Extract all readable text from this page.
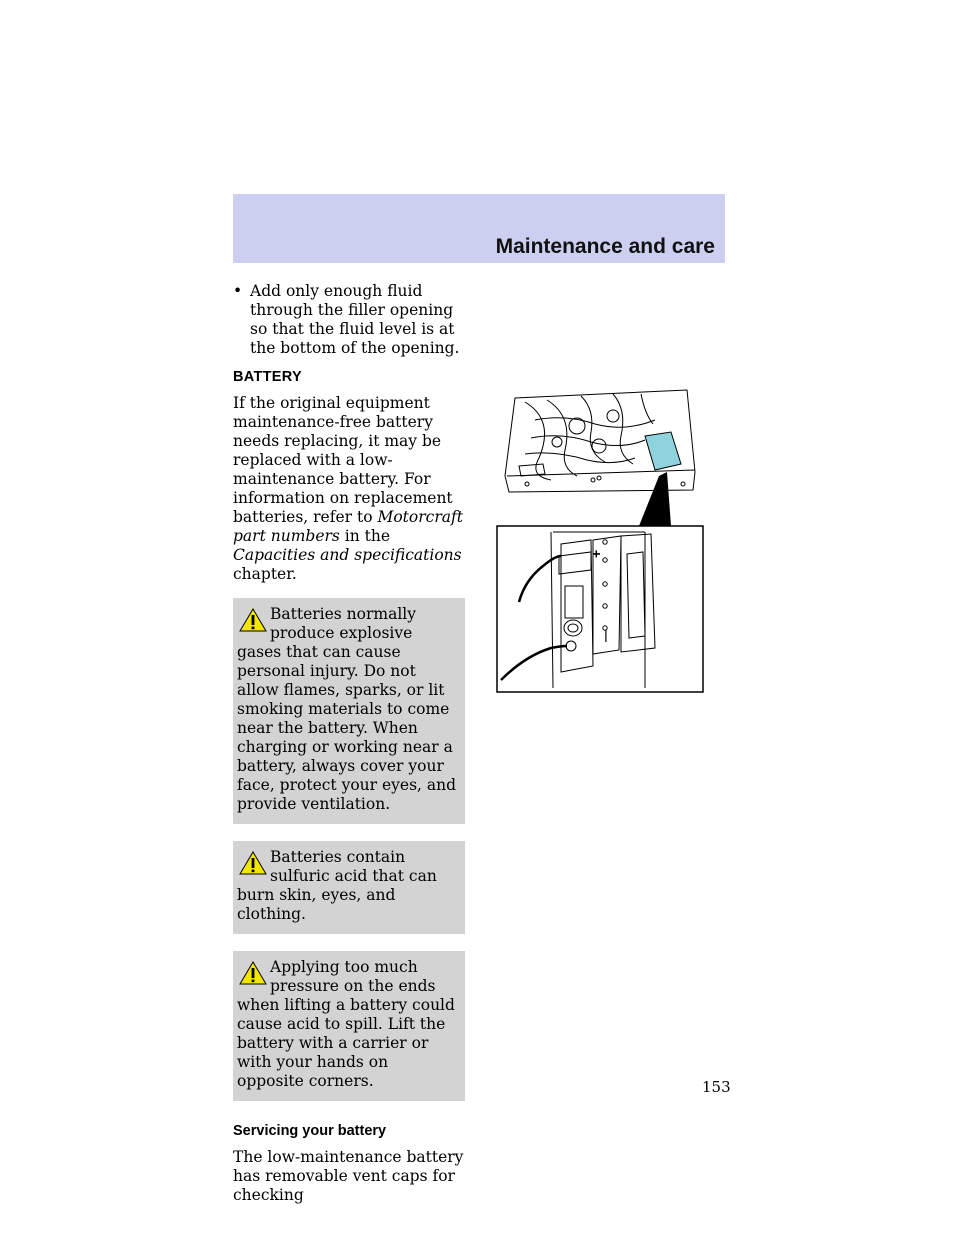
Maintenance and care

• Add only enough fluid through the filler opening so that the fluid level is at the bottom of the opening.

BATTERY

If the original equipment maintenance-free battery needs replacing, it may be replaced with a low-maintenance battery. For information on replacement batteries, refer to Motorcraft part numbers in the Capacities and specifications chapter.

Batteries normally produce explosive gases that can cause personal injury. Do not allow flames, sparks, or lit smoking materials to come near the battery. When charging or working near a battery, always cover your face, protect your eyes, and provide ventilation.

Batteries contain sulfuric acid that can burn skin, eyes, and clothing.

Applying too much pressure on the ends when lifting a battery could cause acid to spill. Lift the battery with a carrier or with your hands on opposite corners.

Servicing your battery

The low-maintenance battery has removable vent caps for checking

+
—
153
